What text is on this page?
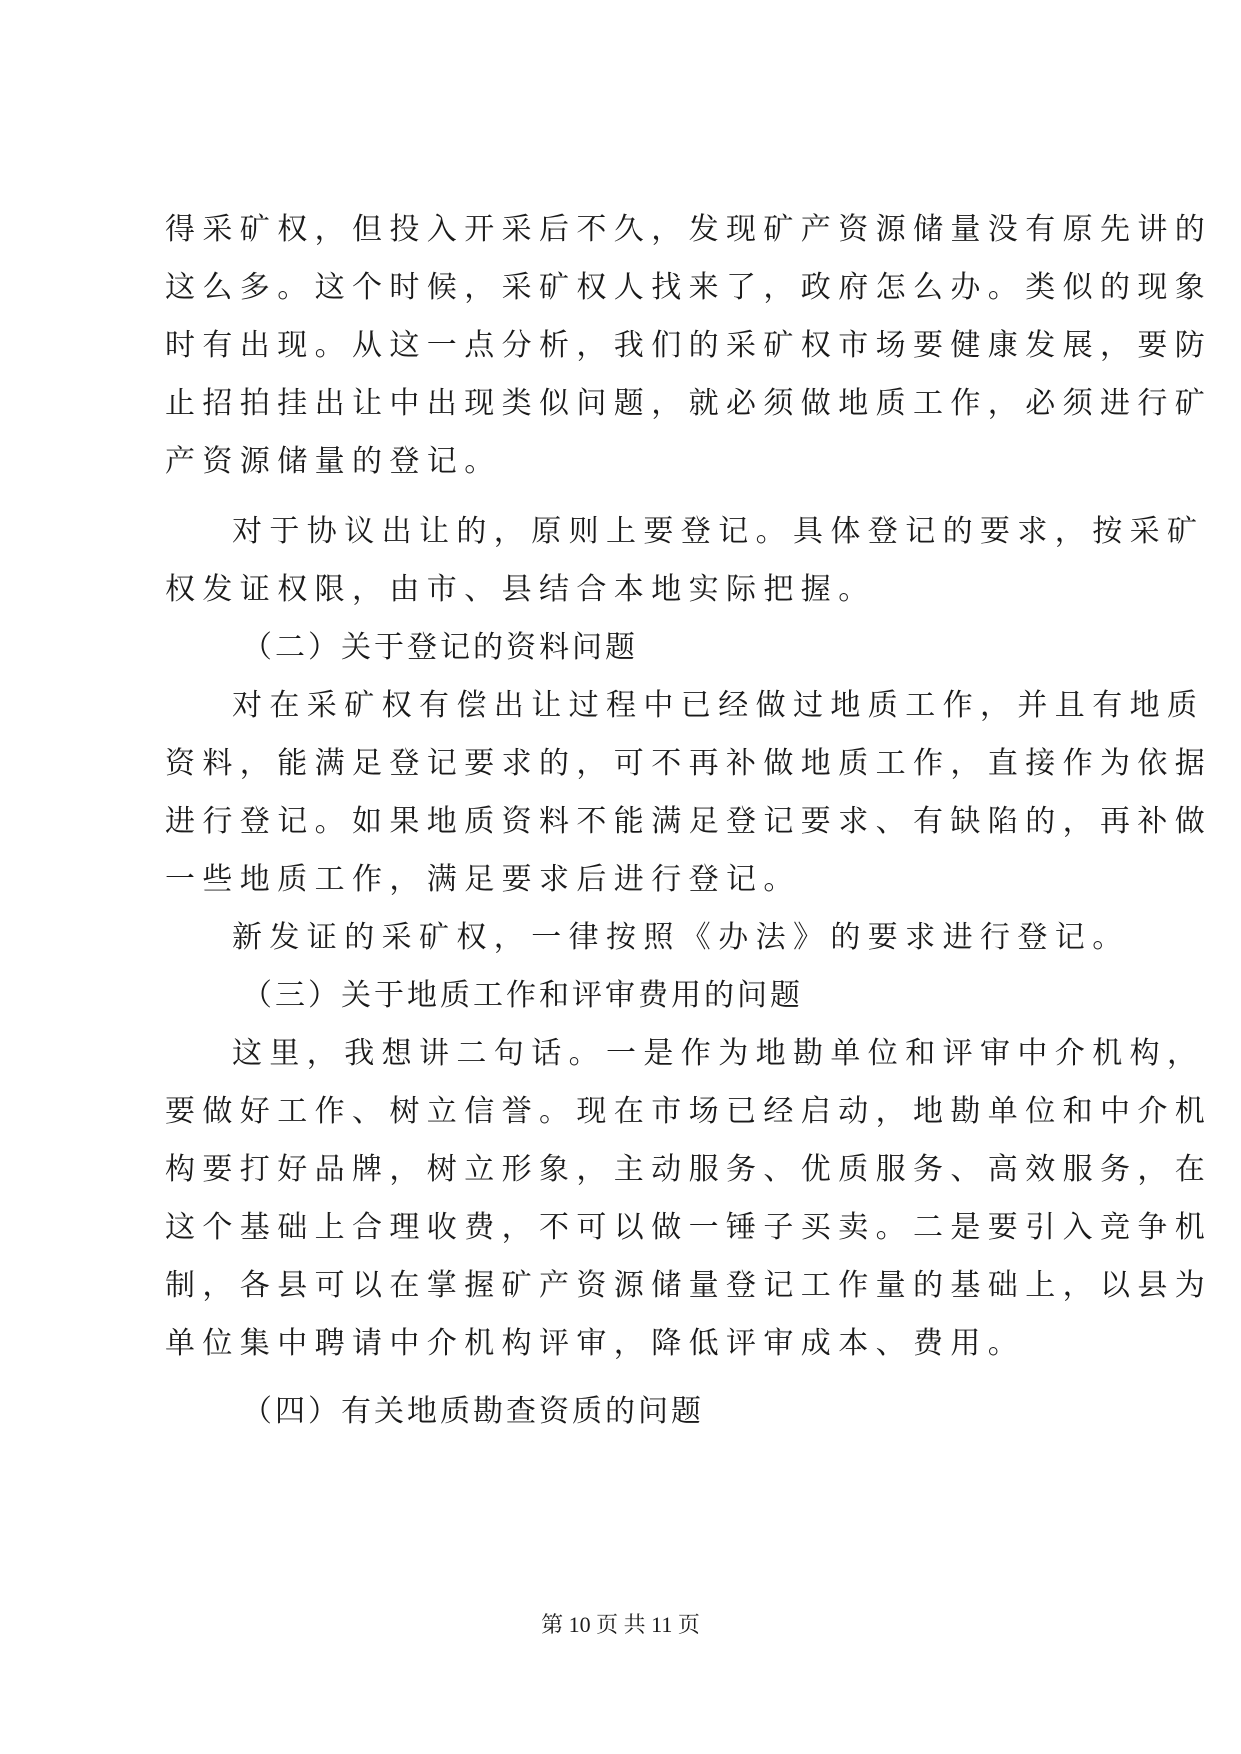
得采矿权，但投入开采后不久，发现矿产资源储量没有原先讲的
这么多。这个时候，采矿权人找来了，政府怎么办。类似的现象
时有出现。从这一点分析，我们的采矿权市场要健康发展，要防
止招拍挂出让中出现类似问题，就必须做地质工作，必须进行矿
产资源储量的登记。
对于协议出让的，原则上要登记。具体登记的要求，按采矿
权发证权限，由市、县结合本地实际把握。
（二）关于登记的资料问题
对在采矿权有偿出让过程中已经做过地质工作，并且有地质
资料，能满足登记要求的，可不再补做地质工作，直接作为依据
进行登记。如果地质资料不能满足登记要求、有缺陷的，再补做
一些地质工作，满足要求后进行登记。
新发证的采矿权，一律按照《办法》的要求进行登记。
（三）关于地质工作和评审费用的问题
这里，我想讲二句话。一是作为地勘单位和评审中介机构，
要做好工作、树立信誉。现在市场已经启动，地勘单位和中介机
构要打好品牌，树立形象，主动服务、优质服务、高效服务，在
这个基础上合理收费，不可以做一锤子买卖。二是要引入竞争机
制，各县可以在掌握矿产资源储量登记工作量的基础上，以县为
单位集中聘请中介机构评审，降低评审成本、费用。
（四）有关地质勘查资质的问题
第 10 页 共 11 页
